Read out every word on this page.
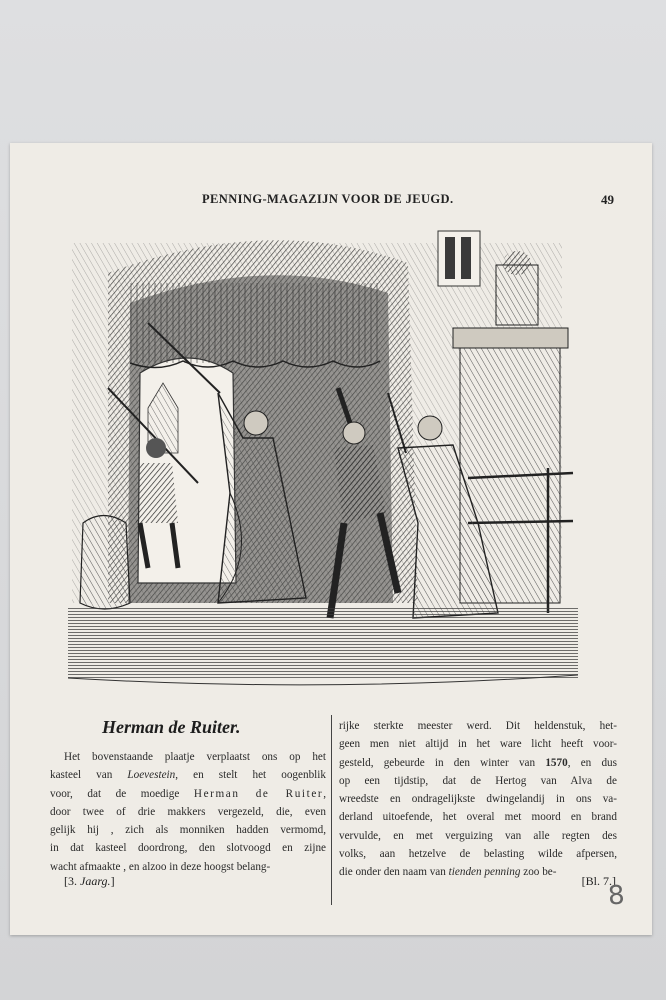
PENNING-MAGAZIJN VOOR DE JEUGD.	49
Herman de Ruiter.
Het bovenstaande plaatje verplaatst ons op het
kasteel van Loevestein, en stelt het oogenblik
voor, dat de moedige Herman de Ruiter,
door twee of drie makkers vergezeld, die, even
gelijk hij , zich als monniken hadden vermomd,
in dat kasteel doordrong, den slotvoogd en zijne
wacht afmaakte , en alzoo in deze hoogst belang-
rijke sterkte meester werd. Dit heldenstuk, het-
geen men niet altijd in het ware licht heeft voor-
gesteld, gebeurde in den winter van 1570, en dus
op een tijdstip, dat de Hertog van Alva de
wreedste en ondragelijkste dwingelandij in ons va-
derland uitoefende, het overal met moord en brand
vervulde, en met verguizing van alle regten des
volks, aan hetzelve de belasting wilde afpersen,
die onder den naam van tienden penning zoo be-
[3. Jaarg.]	[Bl. 7.]
8
